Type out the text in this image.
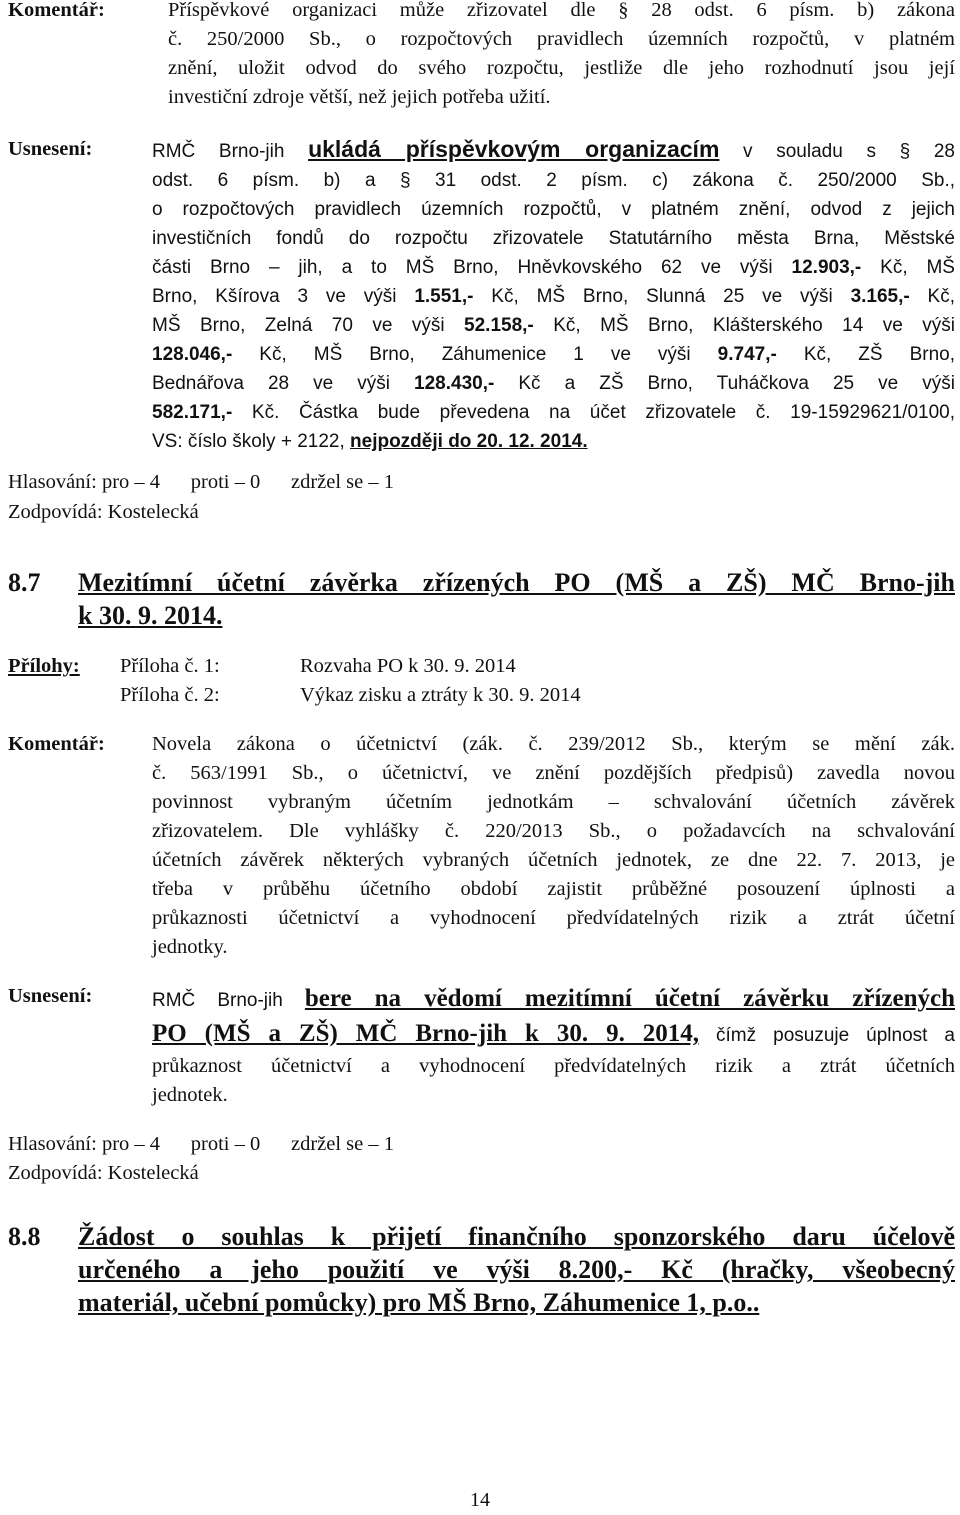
Komentář:	Příspěvkové organizaci může zřizovatel dle § 28 odst. 6 písm. b) zákona
č. 250/2000 Sb., o rozpočtových pravidlech územních rozpočtů, v platném
znění, uložit odvod do svého rozpočtu, jestliže dle jeho rozhodnutí jsou její
investiční zdroje větší, než jejich potřeba užití.
Usnesení:	RMČ Brno-jih ukládá příspěvkovým organizacím v souladu s § 28
odst. 6 písm. b) a § 31 odst. 2 písm. c) zákona č. 250/2000 Sb.,
o rozpočtových pravidlech územních rozpočtů, v platném znění, odvod z jejich
investičních fondů do rozpočtu zřizovatele Statutárního města Brna, Městské
části Brno – jih, a to MŠ Brno, Hněvkovského 62 ve výši 12.903,- Kč, MŠ
Brno, Kšírova 3 ve výši 1.551,- Kč, MŠ Brno, Slunná 25 ve výši 3.165,- Kč,
MŠ Brno, Zelná 70 ve výši 52.158,- Kč, MŠ Brno, Klášterského 14 ve výši
128.046,- Kč, MŠ Brno, Záhumenice 1 ve výši 9.747,- Kč, ZŠ Brno,
Bednářova 28 ve výši 128.430,- Kč a ZŠ Brno, Tuháčkova 25 ve výši
582.171,- Kč. Částka bude převedena na účet zřizovatele č. 19-15929621/0100,
VS: číslo školy + 2122, nejpozději do 20. 12. 2014.
Hlasování: pro – 4      proti – 0      zdržel se – 1
Zodpovídá: Kostelecká
8.7 Mezitímní účetní závěrka zřízených PO (MŠ a ZŠ) MČ Brno-jih
k 30. 9. 2014.
Přílohy: Příloha č. 1:	Rozvaha PO k 30. 9. 2014
Příloha č. 2:	Výkaz zisku a ztráty k 30. 9. 2014
Komentář: Novela zákona o účetnictví (zák. č. 239/2012 Sb., kterým se mění zák.
č. 563/1991 Sb., o účetnictví, ve znění pozdějších předpisů) zavedla novou
povinnost vybraným účetním jednotkám – schvalování účetních závěrek
zřizovatelem. Dle vyhlášky č. 220/2013 Sb., o požadavcích na schvalování
účetních závěrek některých vybraných účetních jednotek, ze dne 22. 7. 2013, je
třeba v průběhu účetního období zajistit průběžné posouzení úplnosti a
průkaznosti účetnictví a vyhodnocení předvídatelných rizik a ztrát účetní
jednotky.
Usnesení:	RMČ Brno-jih bere na vědomí mezitímní účetní závěrku zřízených
PO (MŠ a ZŠ) MČ Brno-jih k 30. 9. 2014, čímž posuzuje úplnost a
průkaznost účetnictví a vyhodnocení předvídatelných rizik a ztrát účetních
jednotek.
Hlasování: pro – 4      proti – 0      zdržel se – 1
Zodpovídá: Kostelecká
8.8 Žádost o souhlas k přijetí finančního sponzorského daru účelově
určeného a jeho použití ve výši 8.200,- Kč (hračky, všeobecný
materiál, učební pomůcky) pro MŠ Brno, Záhumenice 1, p.o..
14
